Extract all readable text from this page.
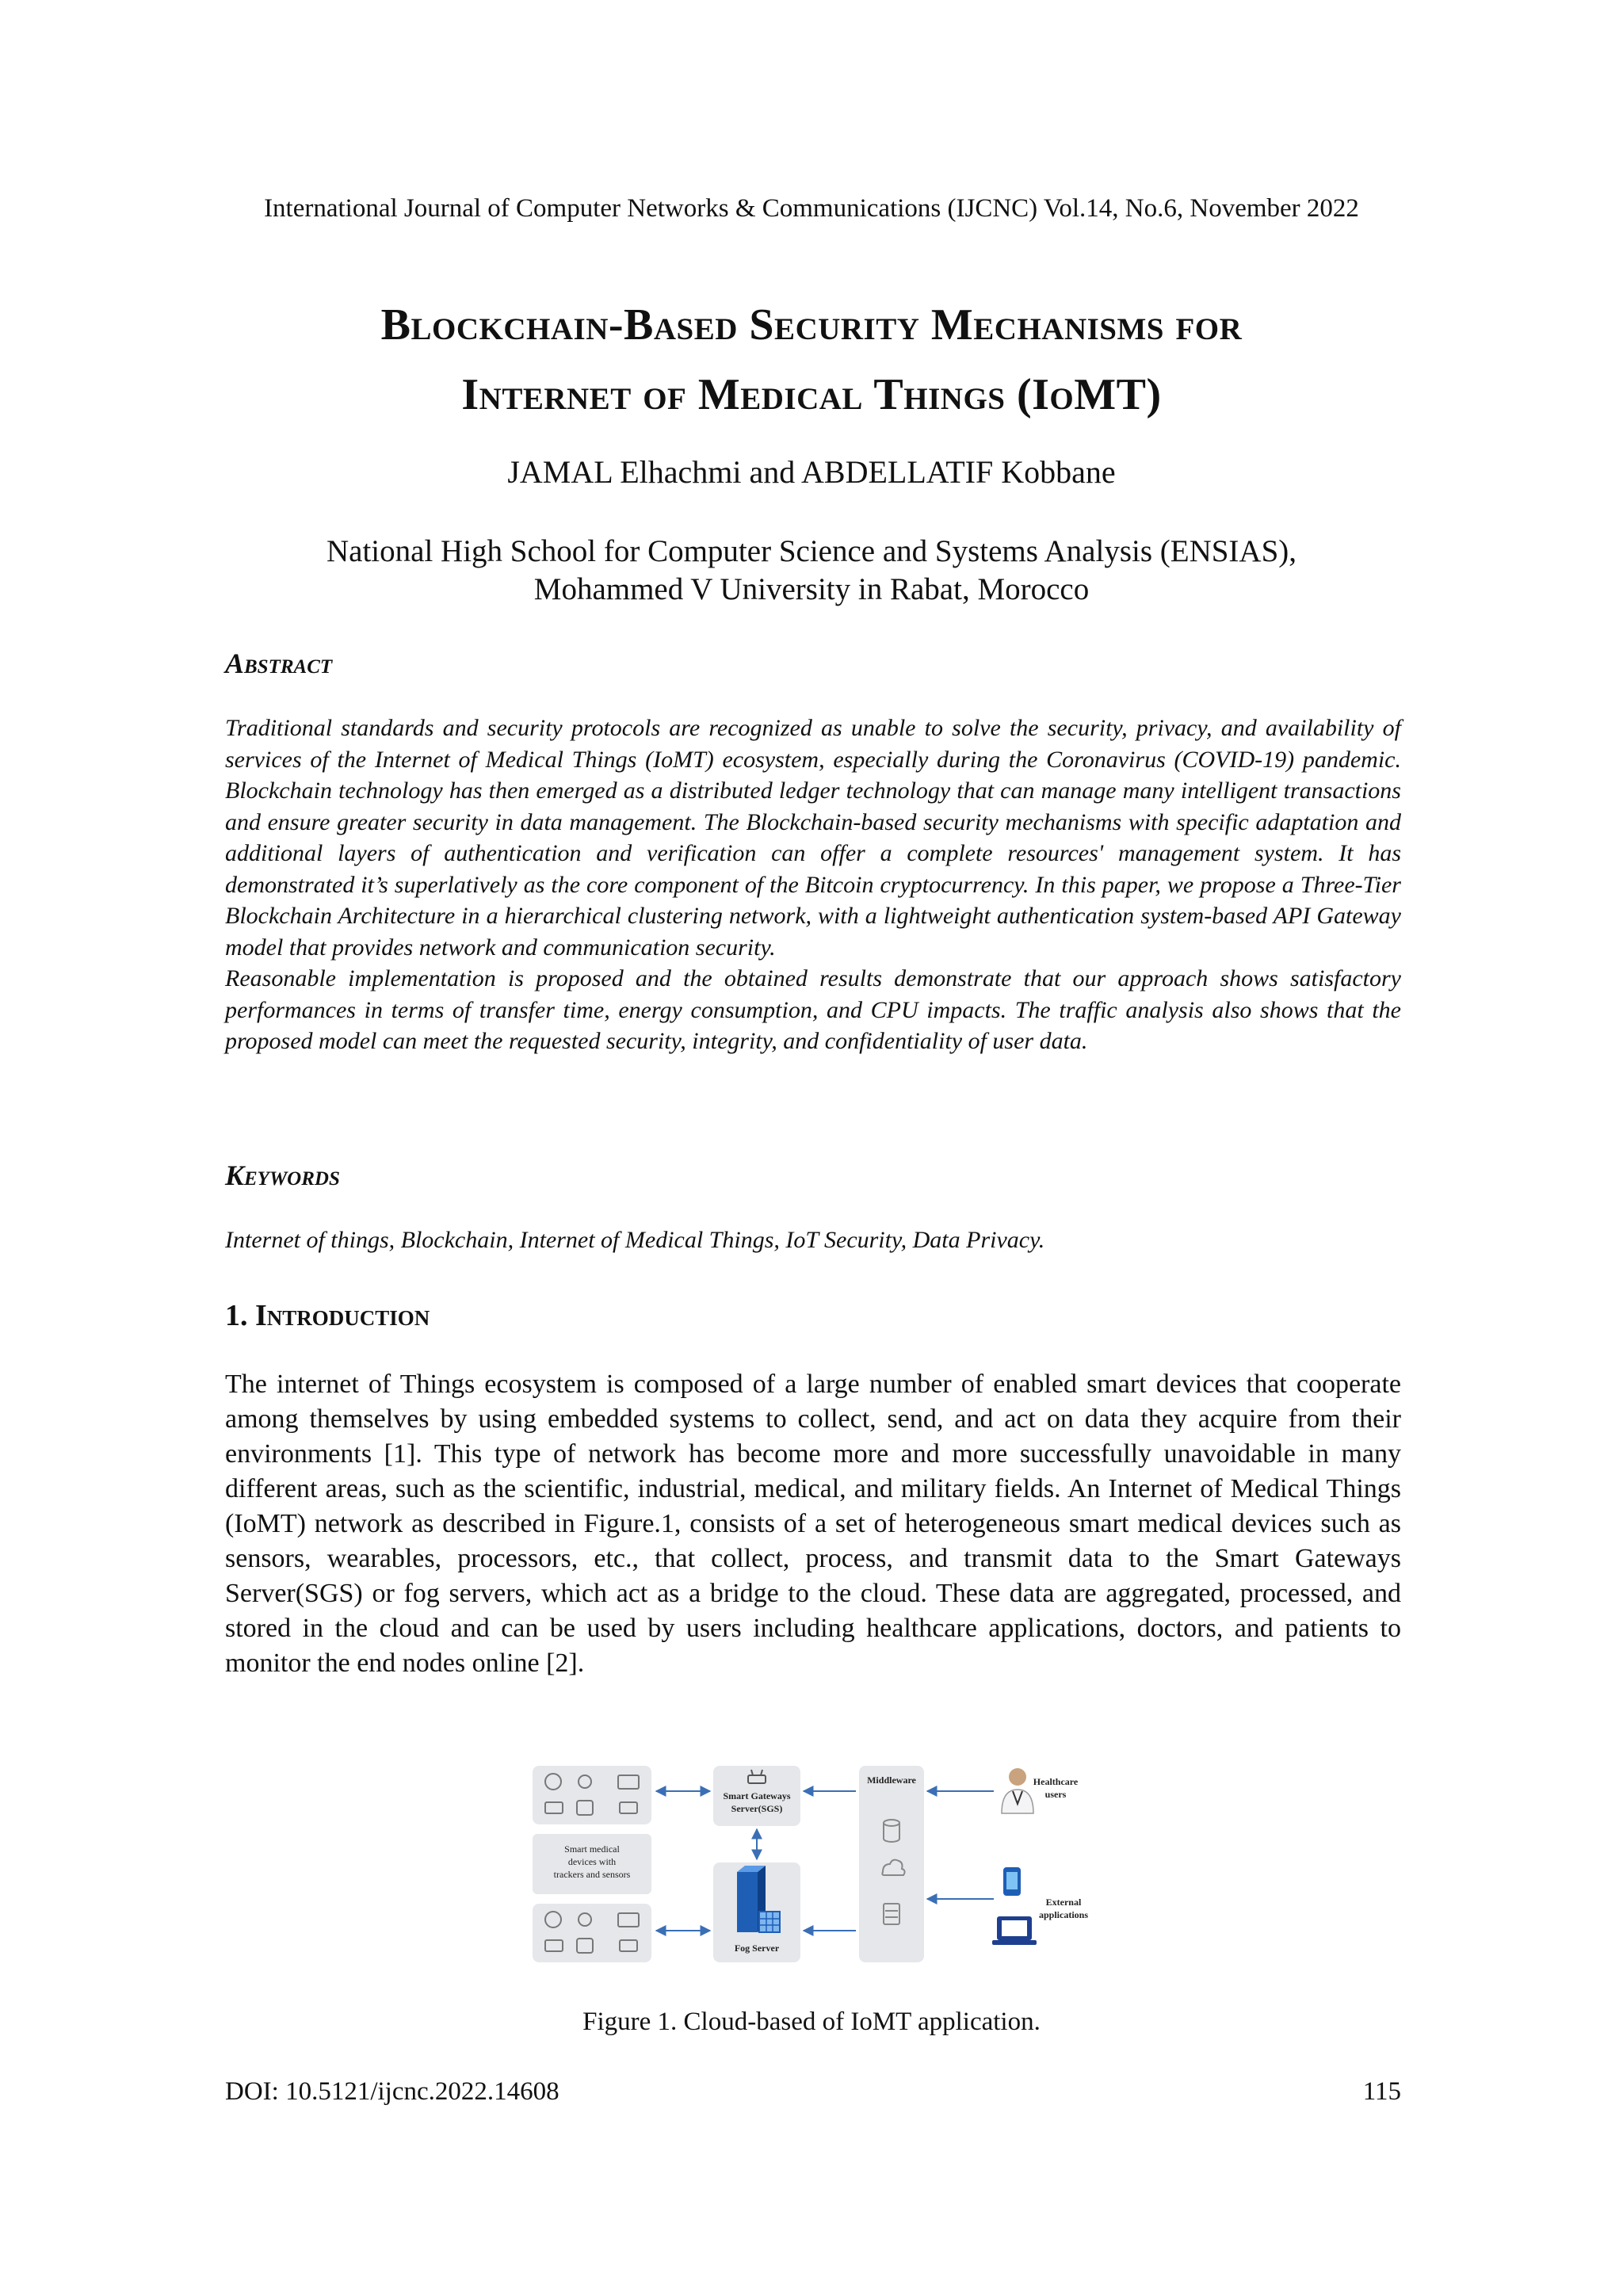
International Journal of Computer Networks & Communications (IJCNC) Vol.14, No.6, November 2022
Blockchain-Based Security Mechanisms for
Internet of Medical Things (IoMT)
JAMAL Elhachmi and ABDELLATIF Kobbane
National High School for Computer Science and Systems Analysis (ENSIAS),
Mohammed V University in Rabat, Morocco
Abstract

Traditional standards and security protocols are recognized as unable to solve the security, privacy, and availability of services of the Internet of Medical Things (IoMT) ecosystem, especially during the Coronavirus (COVID-19) pandemic. Blockchain technology has then emerged as a distributed ledger technology that can manage many intelligent transactions and ensure greater security in data management. The Blockchain-based security mechanisms with specific adaptation and additional layers of authentication and verification can offer a complete resources' management system. It has demonstrated it’s superlatively as the core component of the Bitcoin cryptocurrency. In this paper, we propose a Three-Tier Blockchain Architecture in a hierarchical clustering network, with a lightweight authentication system-based API Gateway model that provides network and communication security.

Reasonable implementation is proposed and the obtained results demonstrate that our approach shows satisfactory performances in terms of transfer time, energy consumption, and CPU impacts. The traffic analysis also shows that the proposed model can meet the requested security, integrity, and confidentiality of user data.

Keywords
Internet of things, Blockchain, Internet of Medical Things, IoT Security, Data Privacy.
1. Introduction

The internet of Things ecosystem is composed of a large number of enabled smart devices that cooperate among themselves by using embedded systems to collect, send, and act on data they acquire from their environments [1]. This type of network has become more and more successfully unavoidable in many different areas, such as the scientific, industrial, medical, and military fields. An Internet of Medical Things (IoMT) network as described in Figure.1, consists of a set of heterogeneous smart medical devices such as sensors, wearables, processors, etc., that collect, process, and transmit data to the Smart Gateways Server(SGS) or fog servers, which act as a bridge to the cloud. These data are aggregated, processed, and stored in the cloud and can be used by users including healthcare applications, doctors, and patients to monitor the end nodes online [2].

Smart medical
devices with
trackers and sensors
Smart Gateways
Server(SGS)
Fog Server
Middleware	Healthcare
users
External
applications
Figure 1. Cloud-based of IoMT application.
DOI: 10.5121/ijcnc.2022.14608	115
